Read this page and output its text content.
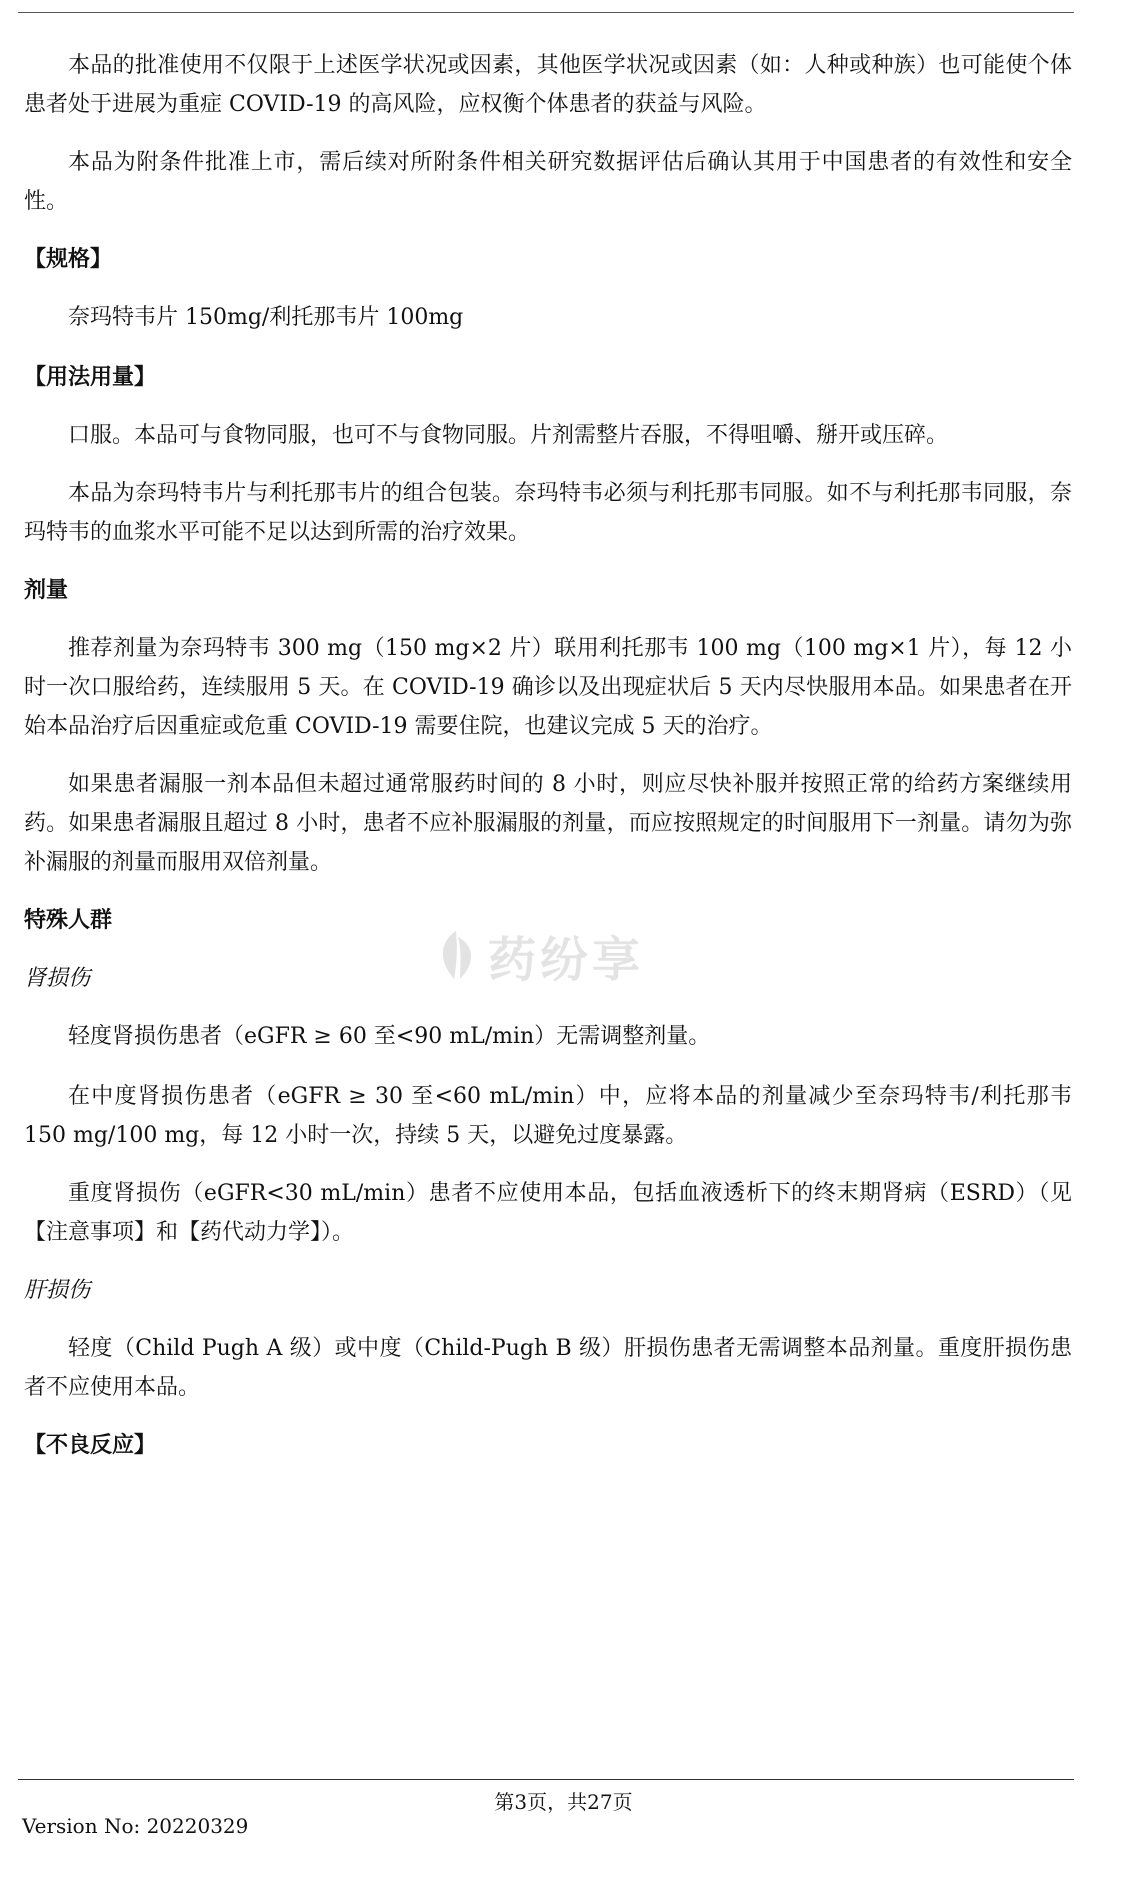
本品的批准使用不仅限于上述医学状况或因素，其他医学状况或因素（如：人种或种族）也可能使个体患者处于进展为重症 COVID-19 的高风险，应权衡个体患者的获益与风险。

本品为附条件批准上市，需后续对所附条件相关研究数据评估后确认其用于中国患者的有效性和安全性。

【规格】

奈玛特韦片 150mg/利托那韦片 100mg

【用法用量】

口服。本品可与食物同服，也可不与食物同服。片剂需整片吞服，不得咀嚼、掰开或压碎。

本品为奈玛特韦片与利托那韦片的组合包装。奈玛特韦必须与利托那韦同服。如不与利托那韦同服，奈玛特韦的血浆水平可能不足以达到所需的治疗效果。

剂量

推荐剂量为奈玛特韦 300 mg（150 mg×2 片）联用利托那韦 100 mg（100 mg×1 片），每 12 小时一次口服给药，连续服用 5 天。在 COVID-19 确诊以及出现症状后 5 天内尽快服用本品。如果患者在开始本品治疗后因重症或危重 COVID-19 需要住院，也建议完成 5 天的治疗。

如果患者漏服一剂本品但未超过通常服药时间的 8 小时，则应尽快补服并按照正常的给药方案继续用药。如果患者漏服且超过 8 小时，患者不应补服漏服的剂量，而应按照规定的时间服用下一剂量。请勿为弥补漏服的剂量而服用双倍剂量。

特殊人群
肾损伤

轻度肾损伤患者（eGFR ≥ 60 至<90 mL/min）无需调整剂量。

在中度肾损伤患者（eGFR ≥ 30 至<60 mL/min）中，应将本品的剂量减少至奈玛特韦/利托那韦 150 mg/100 mg，每 12 小时一次，持续 5 天，以避免过度暴露。

重度肾损伤（eGFR<30 mL/min）患者不应使用本品，包括血液透析下的终末期肾病（ESRD）（见【注意事项】和【药代动力学】）。

肝损伤

轻度（Child Pugh A 级）或中度（Child-Pugh B 级）肝损伤患者无需调整本品剂量。重度肝损伤患者不应使用本品。

【不良反应】
药纷享
第3页，共27页
Version No: 20220329
